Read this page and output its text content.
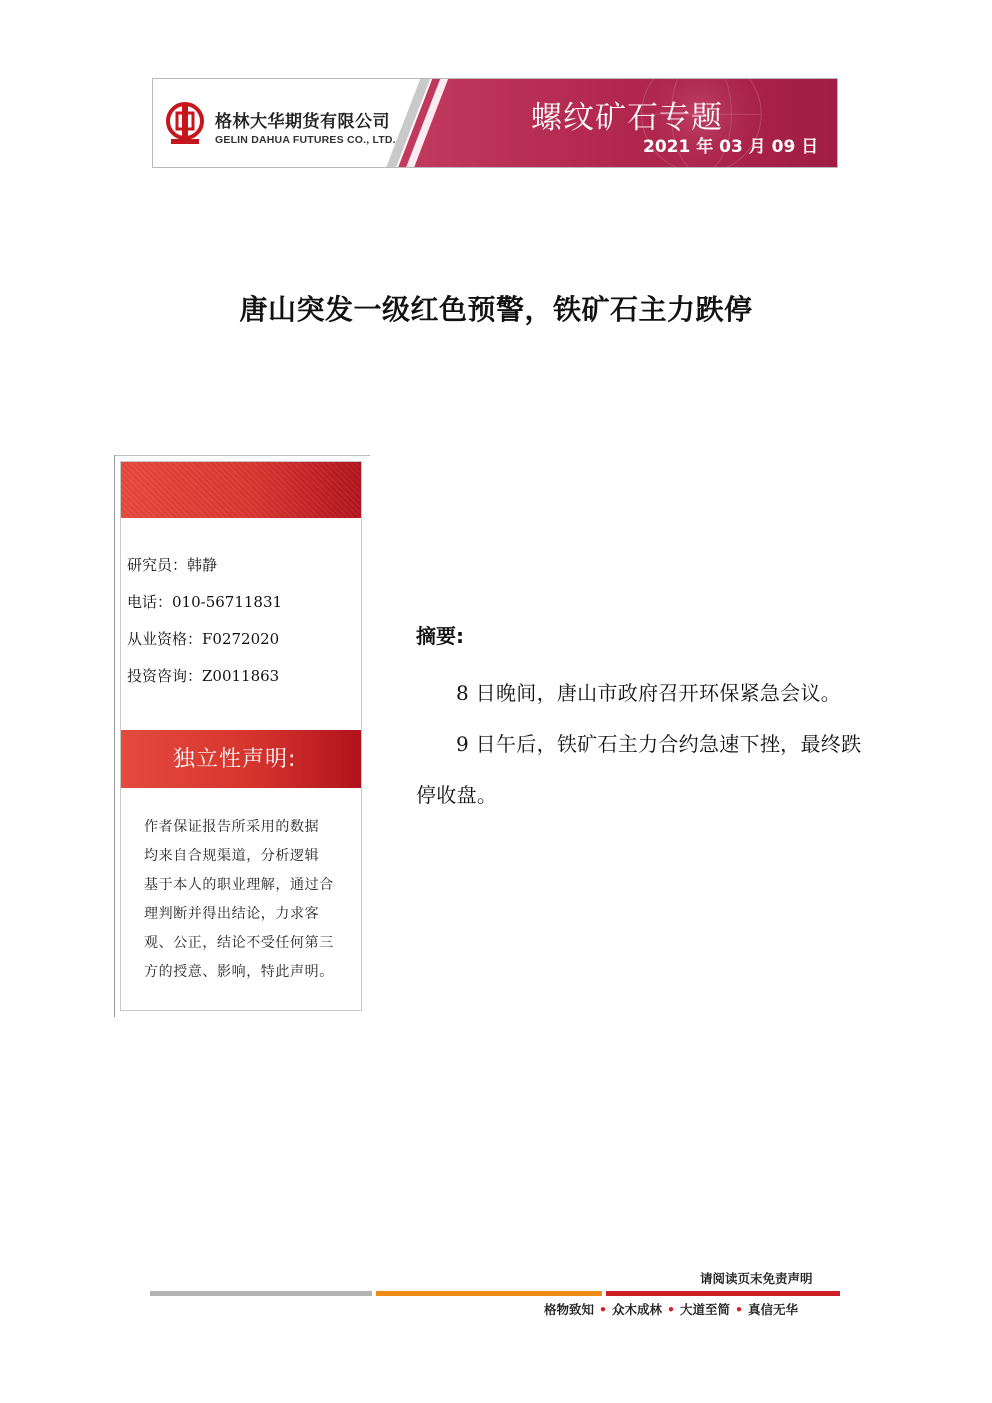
格林大华期货有限公司
GELIN DAHUA FUTURES CO., LTD.
螺纹矿石专题
2021 年 03 月 09 日
唐山突发一级红色预警，铁矿石主力跌停
研究员：韩静
电话：010-56711831
从业资格：F0272020
投资咨询：Z0011863
独立性声明:
作者保证报告所采用的数据
均来自合规渠道，分析逻辑
基于本人的职业理解，通过合
理判断并得出结论，力求客
观、公正，结论不受任何第三
方的授意、影响，特此声明。
摘要:

8 日晚间，唐山市政府召开环保紧急会议。

9 日午后，铁矿石主力合约急速下挫，最终跌停收盘。

请阅读页末免责声明
格物致知 • 众木成林 • 大道至简 • 真信无华
